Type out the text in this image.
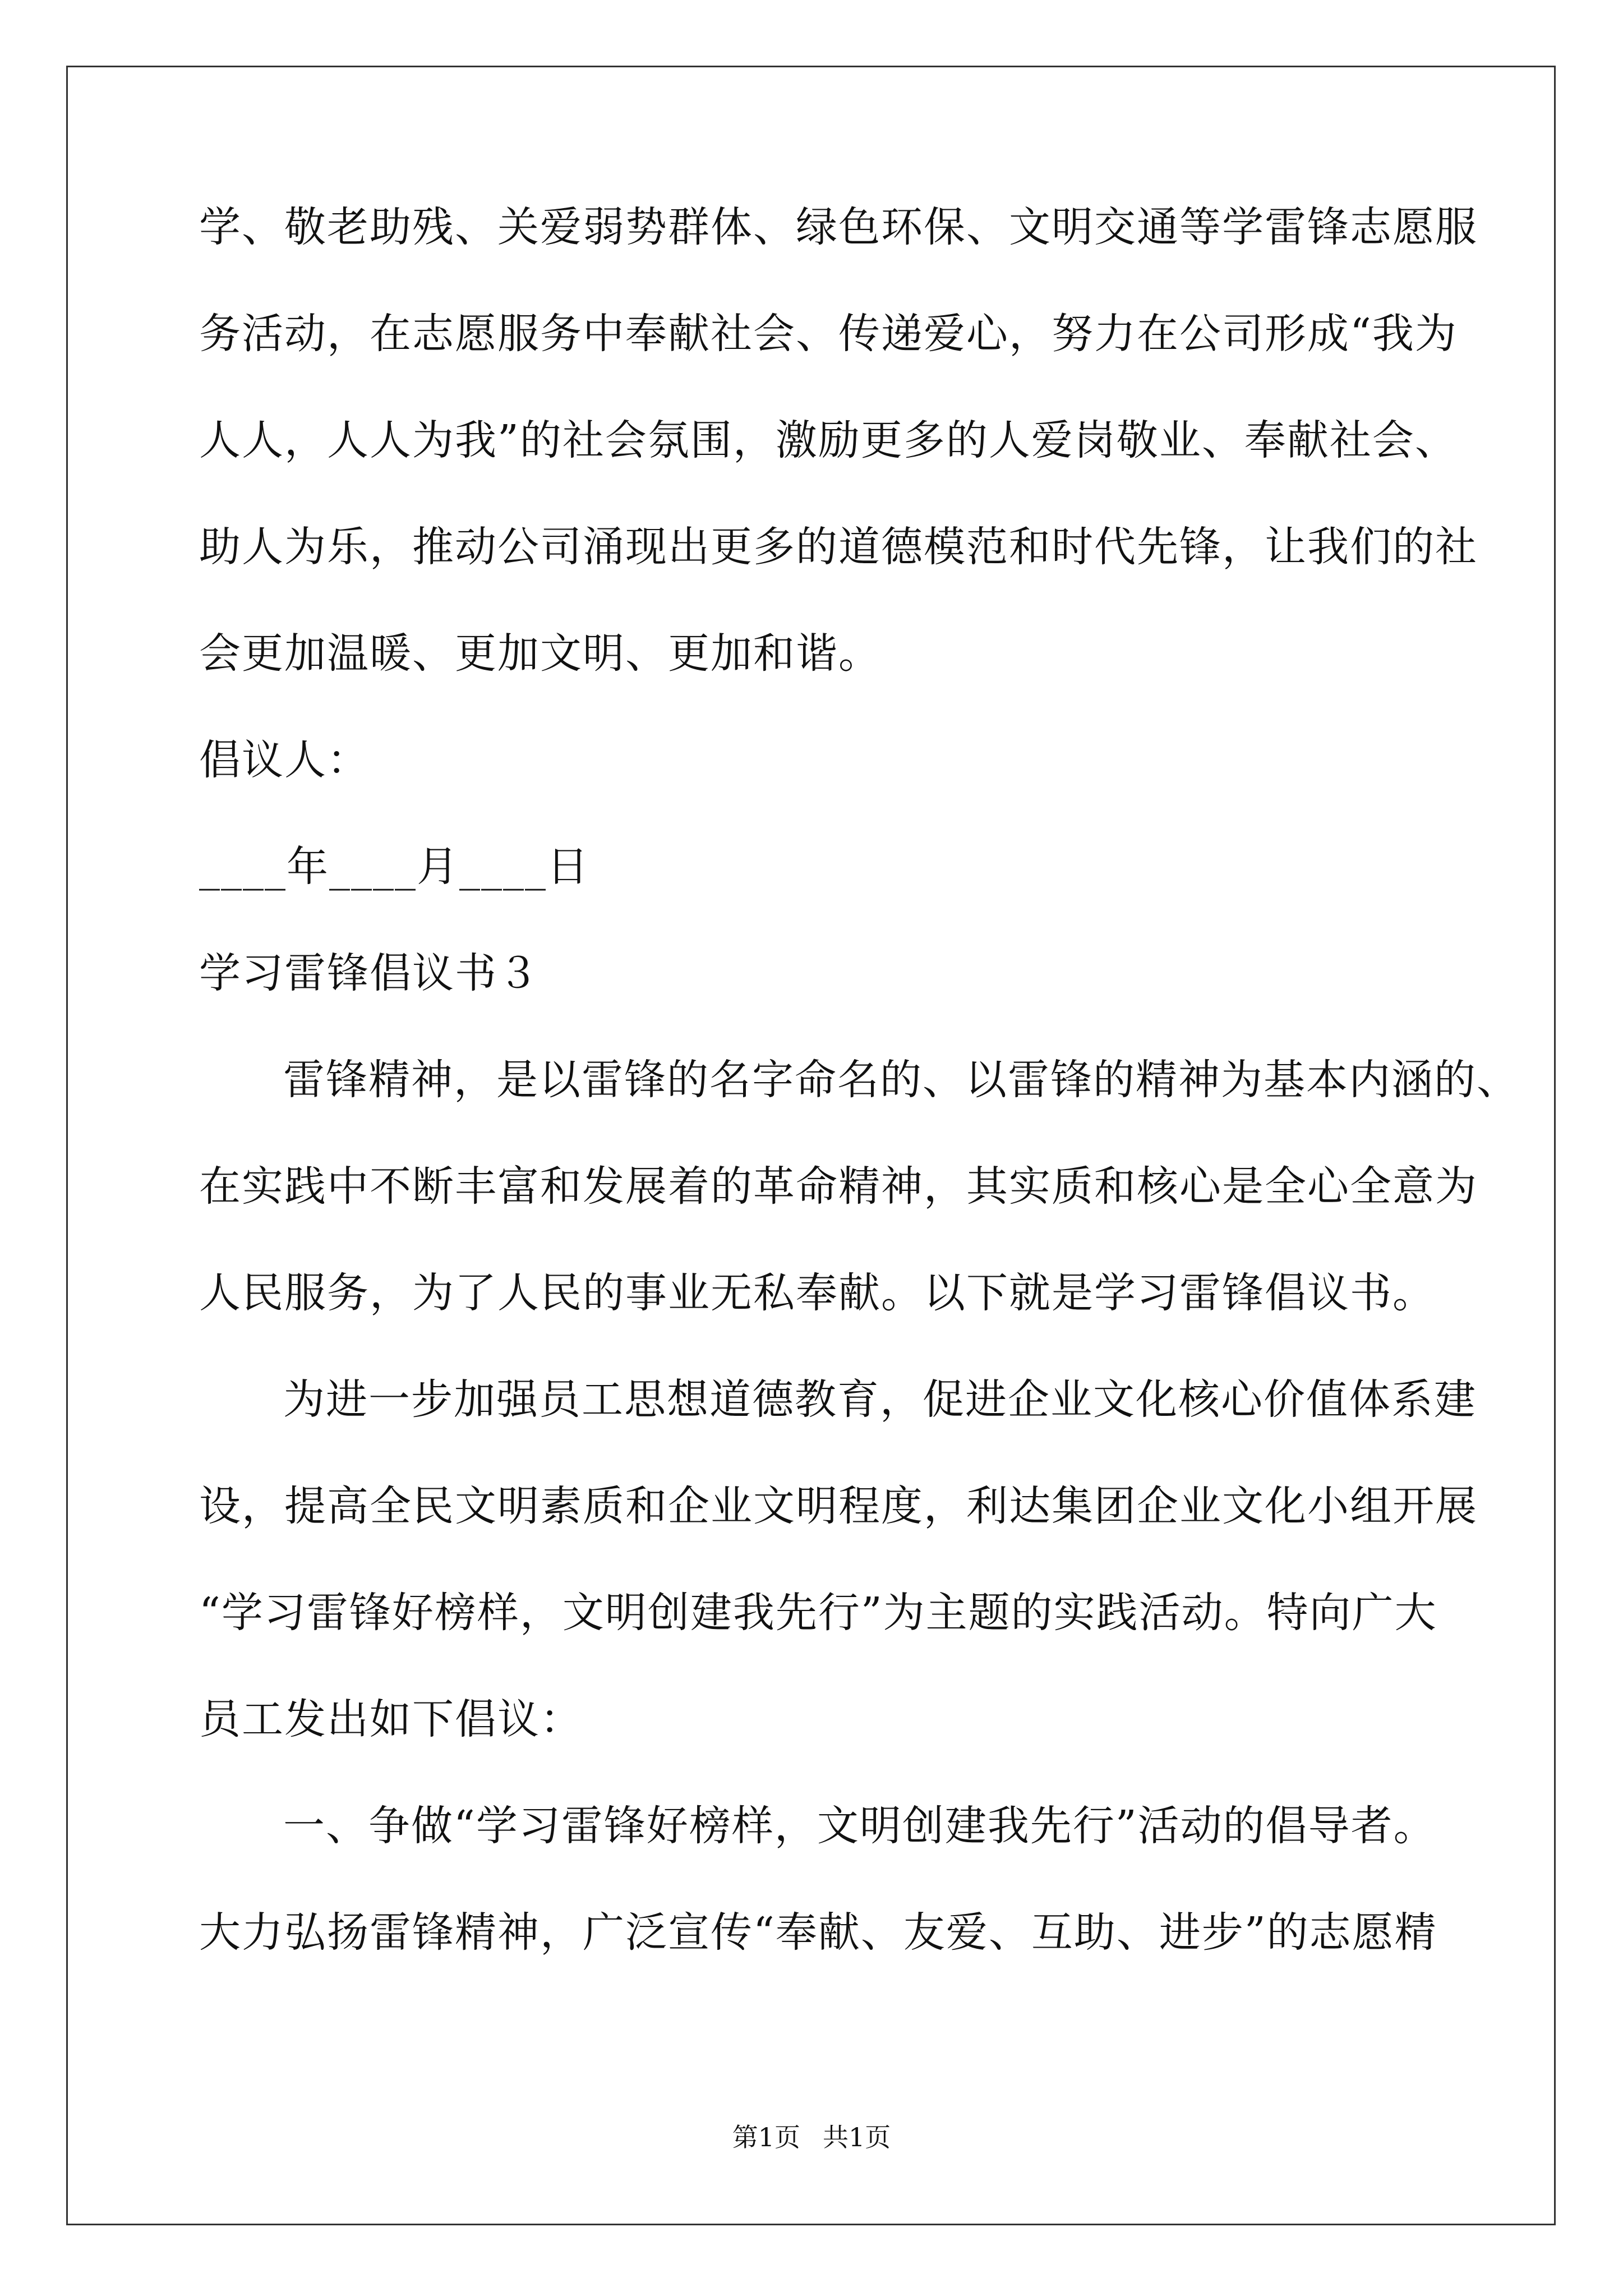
学、敬老助残、关爱弱势群体、绿色环保、文明交通等学雷锋志愿服
务活动，在志愿服务中奉献社会、传递爱心，努力在公司形成“我为
人人，人人为我”的社会氛围，激励更多的人爱岗敬业、奉献社会、
助人为乐，推动公司涌现出更多的道德模范和时代先锋，让我们的社
会更加温暖、更加文明、更加和谐。
倡议人：
____年____月____日
学习雷锋倡议书３
雷锋精神，是以雷锋的名字命名的、以雷锋的精神为基本内涵的、
在实践中不断丰富和发展着的革命精神，其实质和核心是全心全意为
人民服务，为了人民的事业无私奉献。以下就是学习雷锋倡议书。
为进一步加强员工思想道德教育，促进企业文化核心价值体系建
设，提高全民文明素质和企业文明程度，利达集团企业文化小组开展
“学习雷锋好榜样，文明创建我先行”为主题的实践活动。特向广大
员工发出如下倡议：
一、争做“学习雷锋好榜样，文明创建我先行”活动的倡导者。
大力弘扬雷锋精神，广泛宣传“奉献、友爱、互助、进步”的志愿精
第1页 共1页
